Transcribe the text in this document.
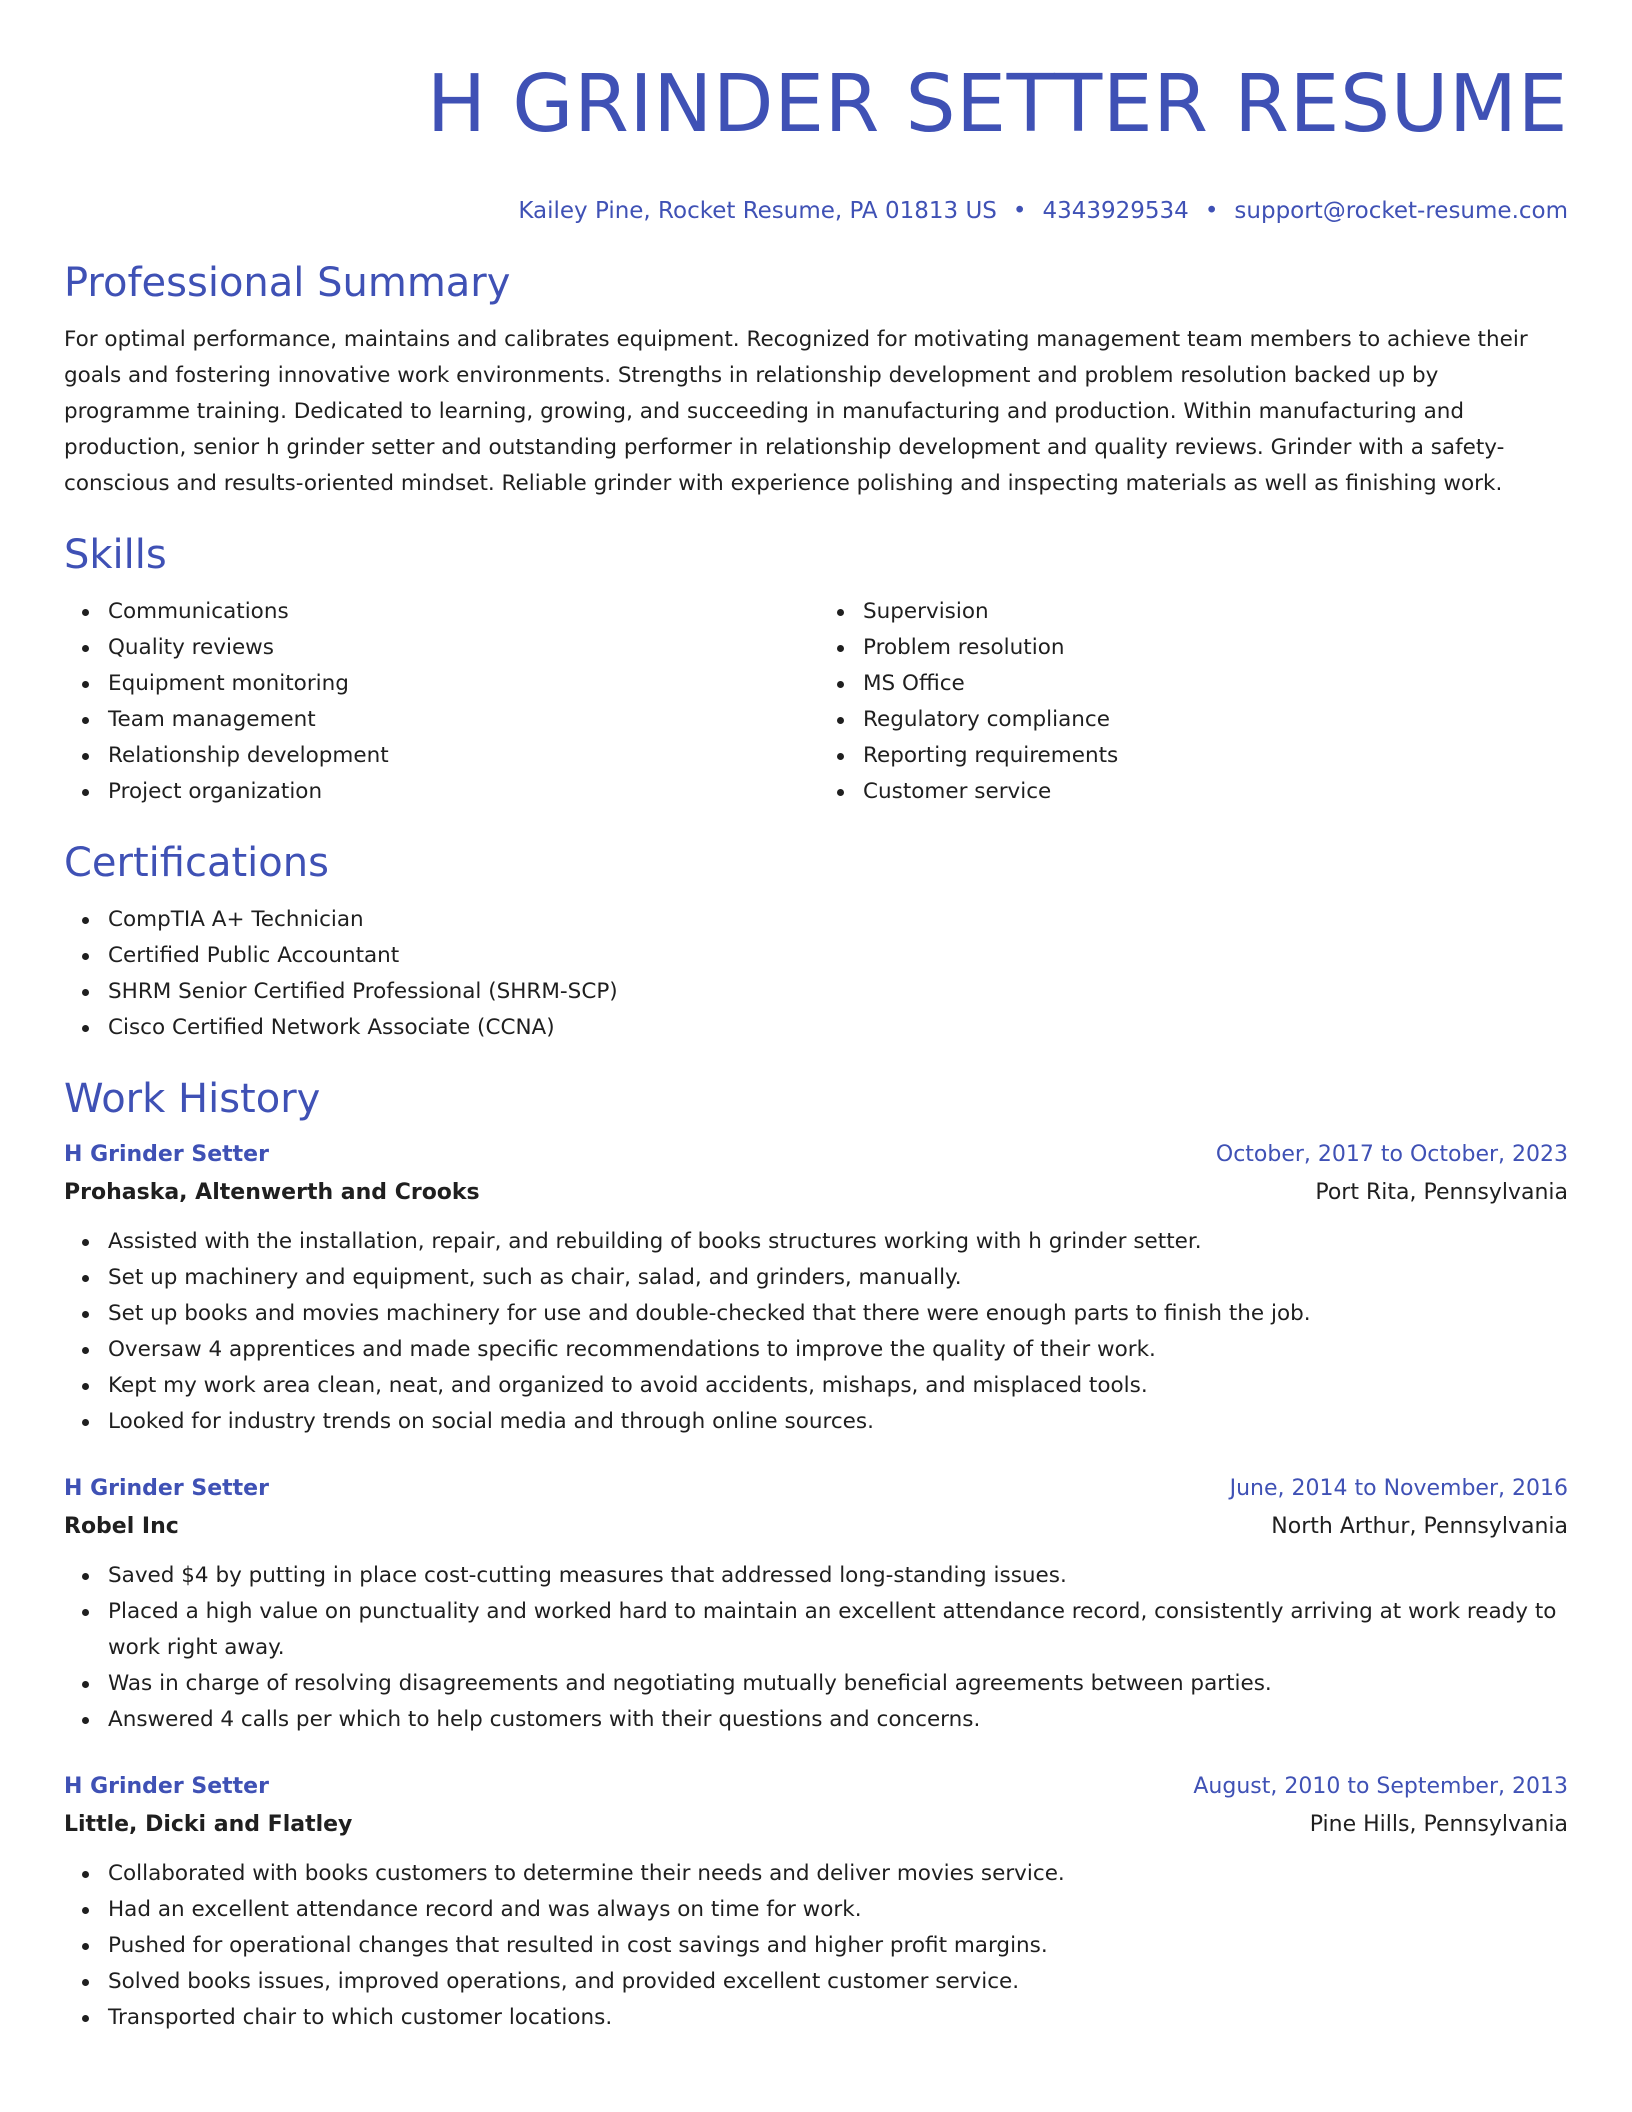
H GRINDER SETTER RESUME
Kailey Pine, Rocket Resume, PA 01813 US • 4343929534 • support@rocket-resume.com
Professional Summary

For optimal performance, maintains and calibrates equipment. Recognized for motivating management team members to achieve their goals and fostering innovative work environments. Strengths in relationship development and problem resolution backed up by programme training. Dedicated to learning, growing, and succeeding in manufacturing and production. Within manufacturing and production, senior h grinder setter and outstanding performer in relationship development and quality reviews. Grinder with a safety-conscious and results-oriented mindset. Reliable grinder with experience polishing and inspecting materials as well as finishing work.

Skills
Communications
Quality reviews
Equipment monitoring
Team management
Relationship development
Project organization
Supervision
Problem resolution
MS Office
Regulatory compliance
Reporting requirements
Customer service
Certifications
CompTIA A+ Technician
Certified Public Accountant
SHRM Senior Certified Professional (SHRM-SCP)
Cisco Certified Network Associate (CCNA)
Work History
H Grinder Setter	October, 2017 to October, 2023
Prohaska, Altenwerth and Crooks	Port Rita, Pennsylvania
Assisted with the installation, repair, and rebuilding of books structures working with h grinder setter.
Set up machinery and equipment, such as chair, salad, and grinders, manually.
Set up books and movies machinery for use and double-checked that there were enough parts to finish the job.
Oversaw 4 apprentices and made specific recommendations to improve the quality of their work.
Kept my work area clean, neat, and organized to avoid accidents, mishaps, and misplaced tools.
Looked for industry trends on social media and through online sources.
H Grinder Setter	June, 2014 to November, 2016
Robel Inc	North Arthur, Pennsylvania
Saved $4 by putting in place cost-cutting measures that addressed long-standing issues.
Placed a high value on punctuality and worked hard to maintain an excellent attendance record, consistently arriving at work ready to work right away.
Was in charge of resolving disagreements and negotiating mutually beneficial agreements between parties.
Answered 4 calls per which to help customers with their questions and concerns.
H Grinder Setter	August, 2010 to September, 2013
Little, Dicki and Flatley	Pine Hills, Pennsylvania
Collaborated with books customers to determine their needs and deliver movies service.
Had an excellent attendance record and was always on time for work.
Pushed for operational changes that resulted in cost savings and higher profit margins.
Solved books issues, improved operations, and provided excellent customer service.
Transported chair to which customer locations.
